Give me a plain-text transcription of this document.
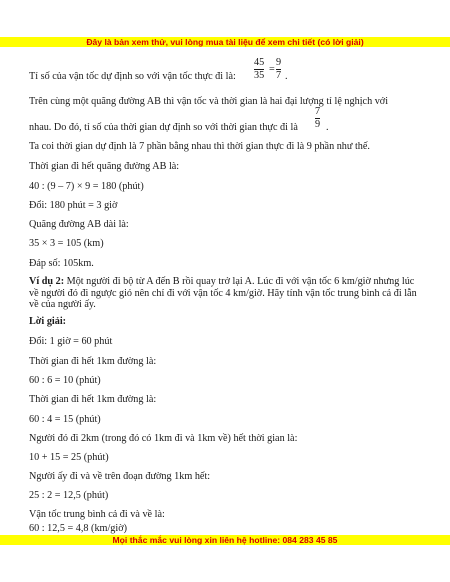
Đây là bản xem thử, vui lòng mua tài liệu để xem chi tiết (có lời giải)
Tỉ số của vận tốc dự định so với vận tốc thực đi là: $\frac{45}{35} = \frac{9}{7}$ .
Trên cùng một quãng đường AB thì vận tốc và thời gian là hai đại lượng tỉ lệ nghịch với
nhau. Do đó, tỉ số của thời gian dự định so với thời gian thực đi là $\frac{7}{9}$ .
Ta coi thời gian dự định là 7 phần bằng nhau thì thời gian thực đi là 9 phần như thế.
Thời gian đi hết quãng đường AB là:
40 : (9 – 7) × 9 = 180 (phút)
Đổi: 180 phút = 3 giờ
Quãng đường AB dài là:
35 × 3 = 105 (km)
Đáp số: 105km.
Ví dụ 2: Một người đi bộ từ A đến B rồi quay trở lại A. Lúc đi với vận tốc 6 km/giờ nhưng lúc về người đó đi ngược gió nên chỉ đi với vận tốc 4 km/giờ. Hãy tính vận tốc trung bình cả đi lẫn về của người ấy.
Lời giải:
Đổi: 1 giờ = 60 phút
Thời gian đi hết 1km đường là:
60 : 6 = 10 (phút)
Thời gian đi hết 1km đường là:
60 : 4 = 15 (phút)
Người đó đi 2km (trong đó có 1km đi và 1km về) hết thời gian là:
10 + 15 = 25 (phút)
Người ấy đi và về trên đoạn đường 1km hết:
25 : 2 = 12,5 (phút)
Vận tốc trung bình cả đi và về là:
60 : 12,5 = 4,8 (km/giờ)
Mọi thắc mắc vui lòng xin liên hệ hotline: 084 283 45 85
